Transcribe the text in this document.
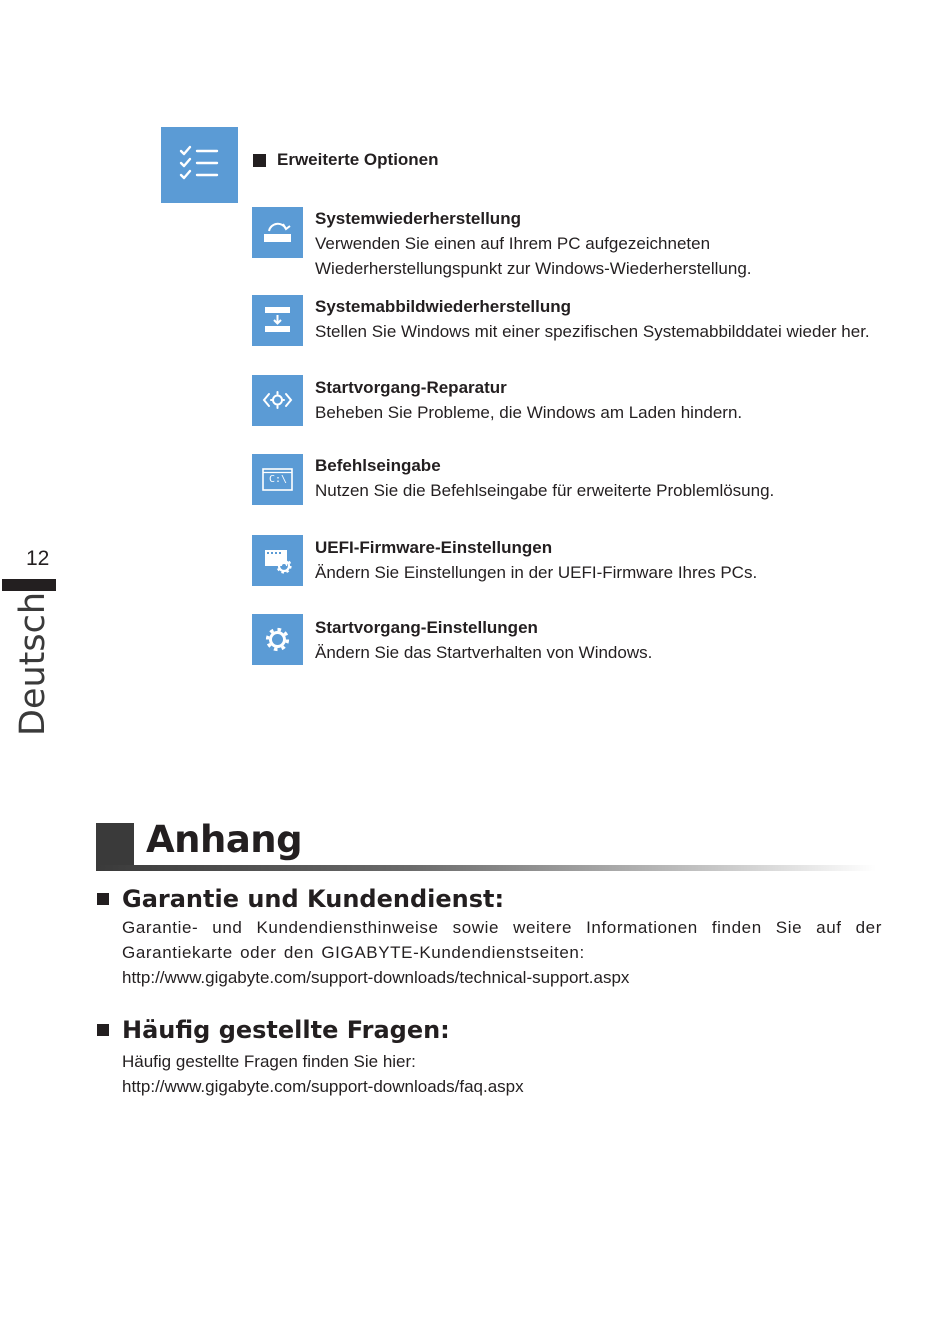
Erweiterte Optionen
Systemwiederherstellung
Verwenden Sie einen auf Ihrem PC aufgezeichneten Wiederherstellungspunkt zur Windows-Wiederherstellung.
Systemabbildwiederherstellung
Stellen Sie Windows mit einer spezifischen Systemabbilddatei wieder her.
Startvorgang-Reparatur
Beheben Sie Probleme, die Windows am Laden hindern.
C:\
Befehlseingabe
Nutzen Sie die Befehlseingabe für erweiterte Problemlösung.
UEFI-Firmware-Einstellungen
Ändern Sie Einstellungen in der UEFI-Firmware Ihres PCs.
Startvorgang-Einstellungen
Ändern Sie das Startverhalten von Windows.
12
Deutsch
Anhang
Garantie und Kundendienst:
Garantie- und Kundendiensthinweise sowie weitere Informationen finden Sie auf der Garantiekarte oder den GIGABYTE-Kundendienstseiten:
http://www.gigabyte.com/support-downloads/technical-support.aspx
Häufig gestellte Fragen:
Häufig gestellte Fragen finden Sie hier:
http://www.gigabyte.com/support-downloads/faq.aspx
